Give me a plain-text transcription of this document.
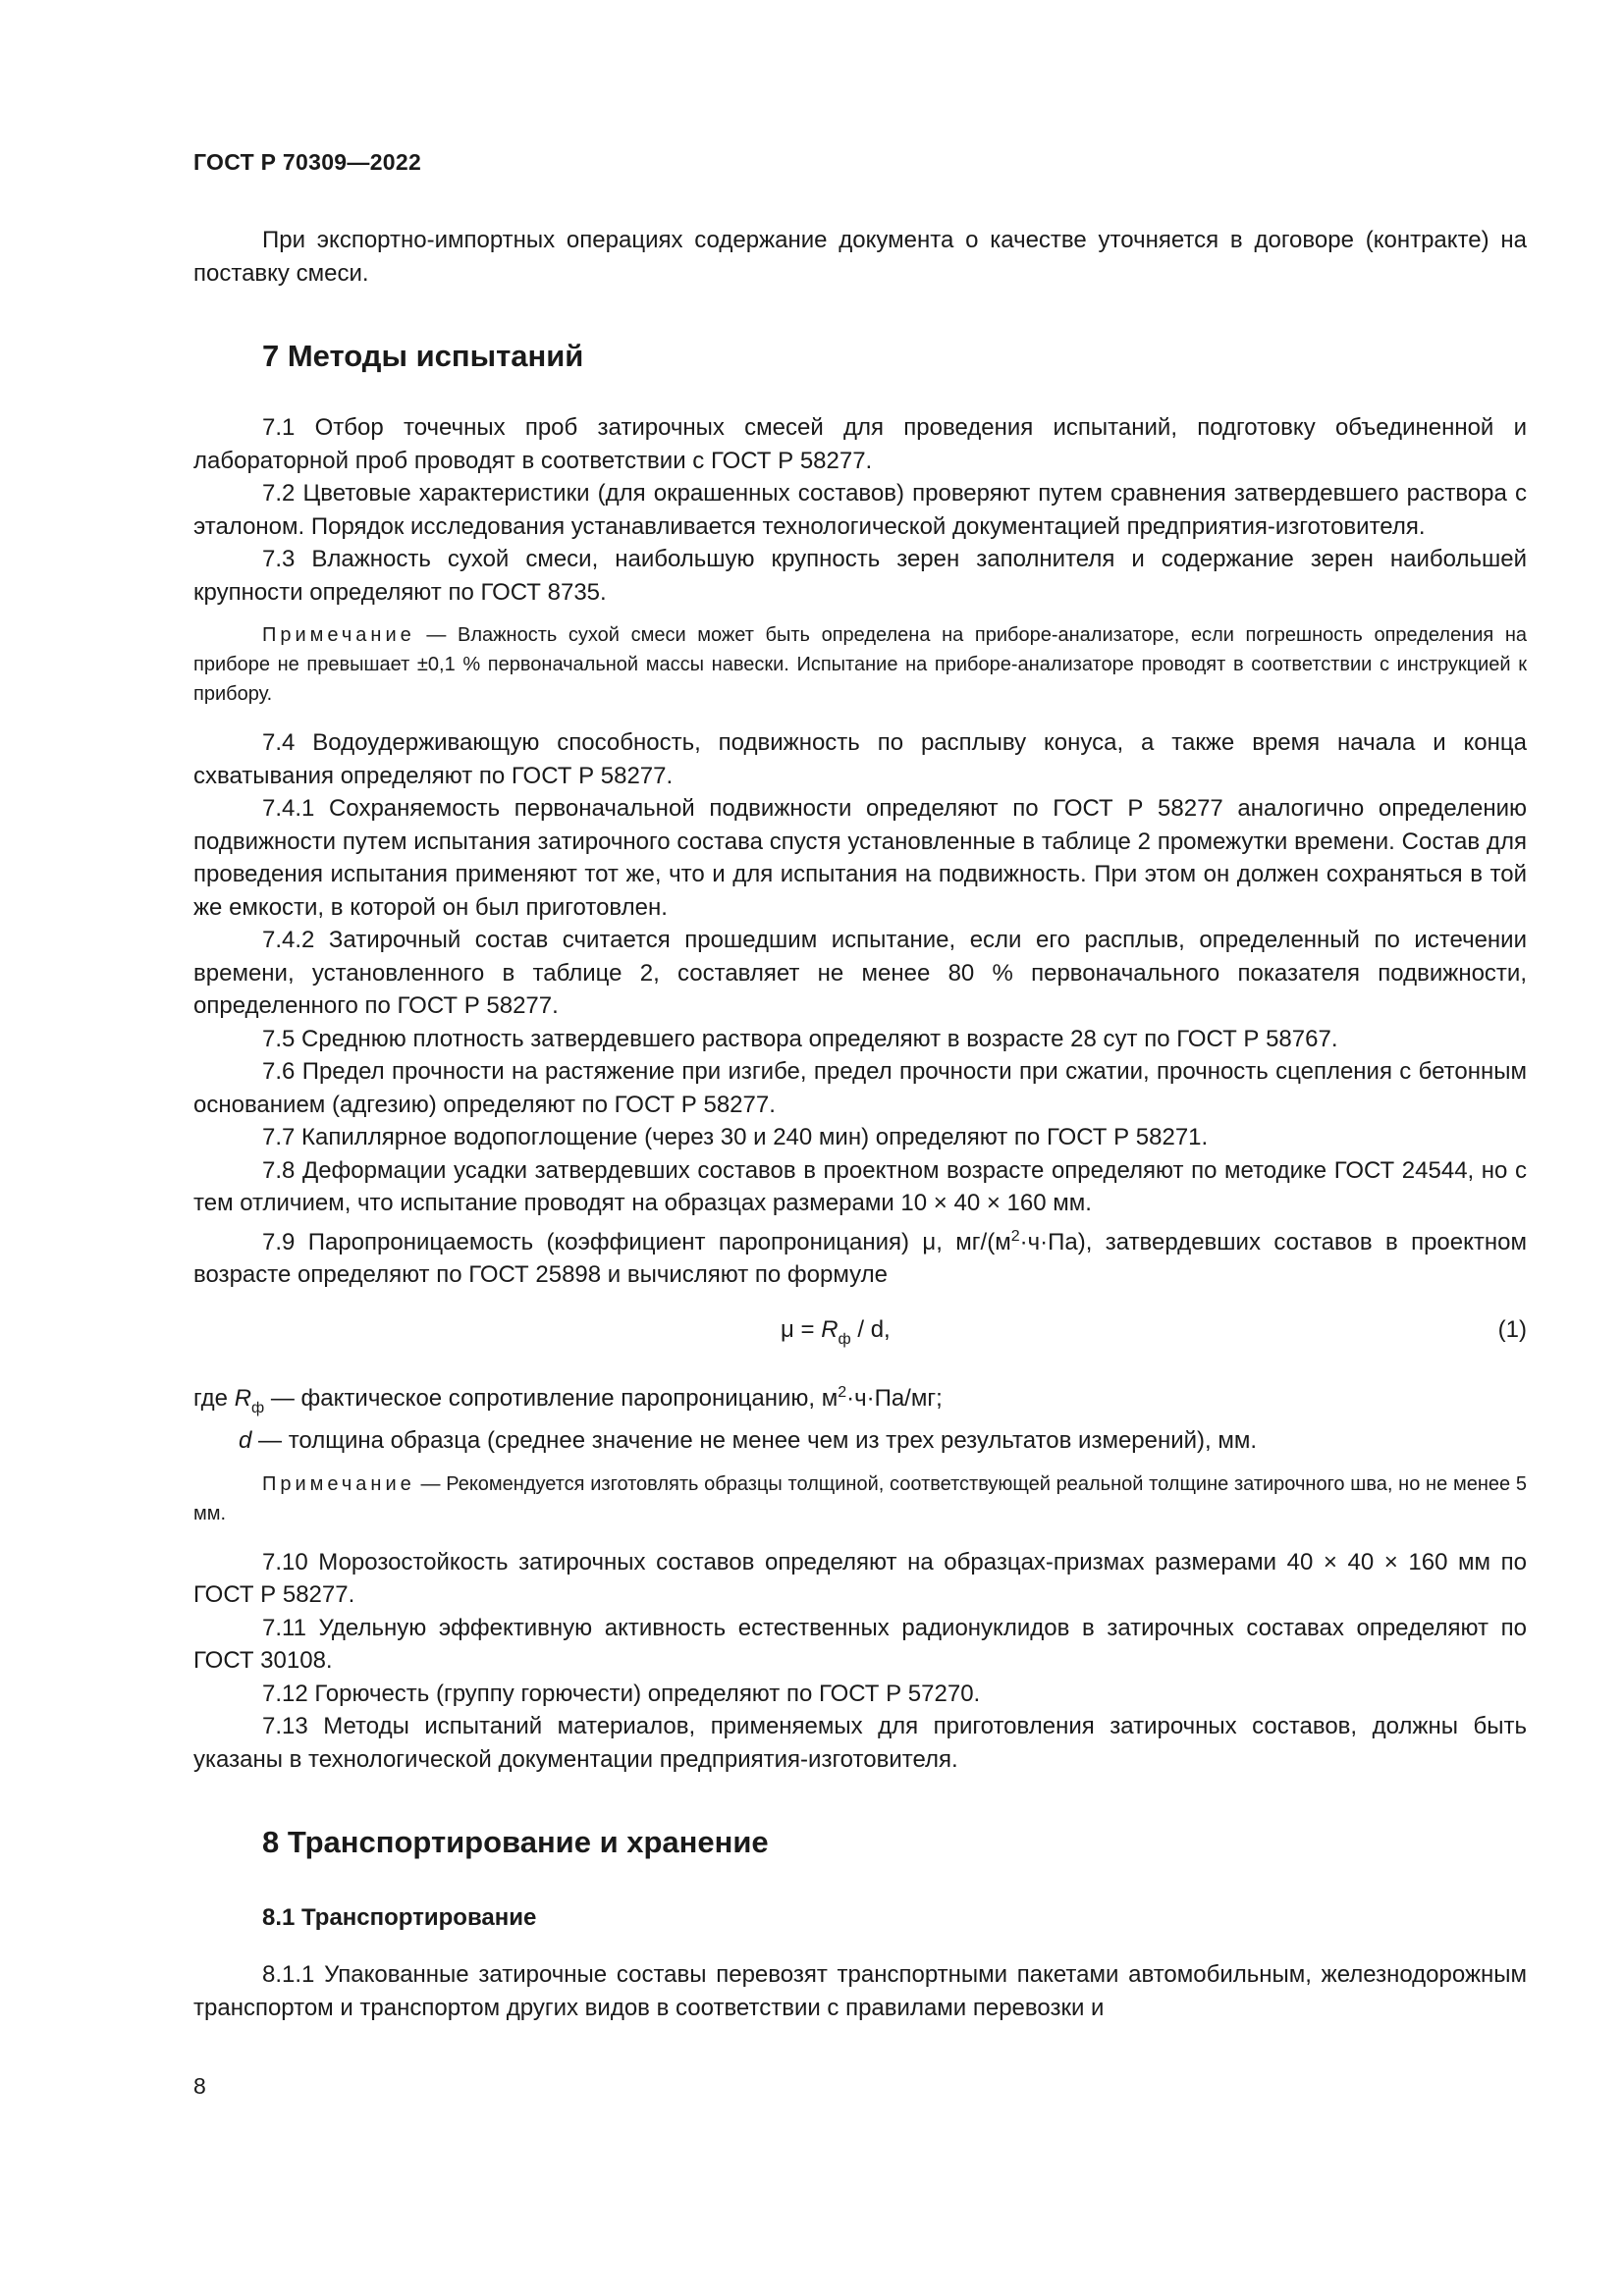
ГОСТ Р 70309—2022

При экспортно-импортных операциях содержание документа о качестве уточняется в договоре (контракте) на поставку смеси.

7 Методы испытаний

7.1 Отбор точечных проб затирочных смесей для проведения испытаний, подготовку объединенной и лабораторной проб проводят в соответствии с ГОСТ Р 58277.

7.2 Цветовые характеристики (для окрашенных составов) проверяют путем сравнения затвердевшего раствора с эталоном. Порядок исследования устанавливается технологической документацией предприятия-изготовителя.

7.3 Влажность сухой смеси, наибольшую крупность зерен заполнителя и содержание зерен наибольшей крупности определяют по ГОСТ 8735.

Примечание — Влажность сухой смеси может быть определена на приборе-анализаторе, если погрешность определения на приборе не превышает ±0,1 % первоначальной массы навески. Испытание на приборе-анализаторе проводят в соответствии с инструкцией к прибору.

7.4 Водоудерживающую способность, подвижность по расплыву конуса, а также время начала и конца схватывания определяют по ГОСТ Р 58277.

7.4.1 Сохраняемость первоначальной подвижности определяют по ГОСТ Р 58277 аналогично определению подвижности путем испытания затирочного состава спустя установленные в таблице 2 промежутки времени. Состав для проведения испытания применяют тот же, что и для испытания на подвижность. При этом он должен сохраняться в той же емкости, в которой он был приготовлен.

7.4.2 Затирочный состав считается прошедшим испытание, если его расплыв, определенный по истечении времени, установленного в таблице 2, составляет не менее 80 % первоначального показателя подвижности, определенного по ГОСТ Р 58277.

7.5 Среднюю плотность затвердевшего раствора определяют в возрасте 28 сут по ГОСТ Р 58767.

7.6 Предел прочности на растяжение при изгибе, предел прочности при сжатии, прочность сцепления с бетонным основанием (адгезию) определяют по ГОСТ Р 58277.

7.7 Капиллярное водопоглощение (через 30 и 240 мин) определяют по ГОСТ Р 58271.

7.8 Деформации усадки затвердевших составов в проектном возрасте определяют по методике ГОСТ 24544, но с тем отличием, что испытание проводят на образцах размерами 10 × 40 × 160 мм.

7.9 Паропроницаемость (коэффициент паропроницания) μ, $мг/(м^2\cdot ч\cdot Па)$, затвердевших составов в проектном возрасте определяют по ГОСТ 25898 и вычисляют по формуле

$\mu = R_ф / d$,	(1)

где $R_ф$ — фактическое сопротивление паропроницанию, $м^2\cdot ч\cdot Па/мг$;

d — толщина образца (среднее значение не менее чем из трех результатов измерений), мм.

Примечание — Рекомендуется изготовлять образцы толщиной, соответствующей реальной толщине затирочного шва, но не менее 5 мм.

7.10 Морозостойкость затирочных составов определяют на образцах-призмах размерами 40 × 40 × 160 мм по ГОСТ Р 58277.

7.11 Удельную эффективную активность естественных радионуклидов в затирочных составах определяют по ГОСТ 30108.

7.12 Горючесть (группу горючести) определяют по ГОСТ Р 57270.

7.13 Методы испытаний материалов, применяемых для приготовления затирочных составов, должны быть указаны в технологической документации предприятия-изготовителя.

8 Транспортирование и хранение
8.1 Транспортирование

8.1.1 Упакованные затирочные составы перевозят транспортными пакетами автомобильным, железнодорожным транспортом и транспортом других видов в соответствии с правилами перевозки и

8
